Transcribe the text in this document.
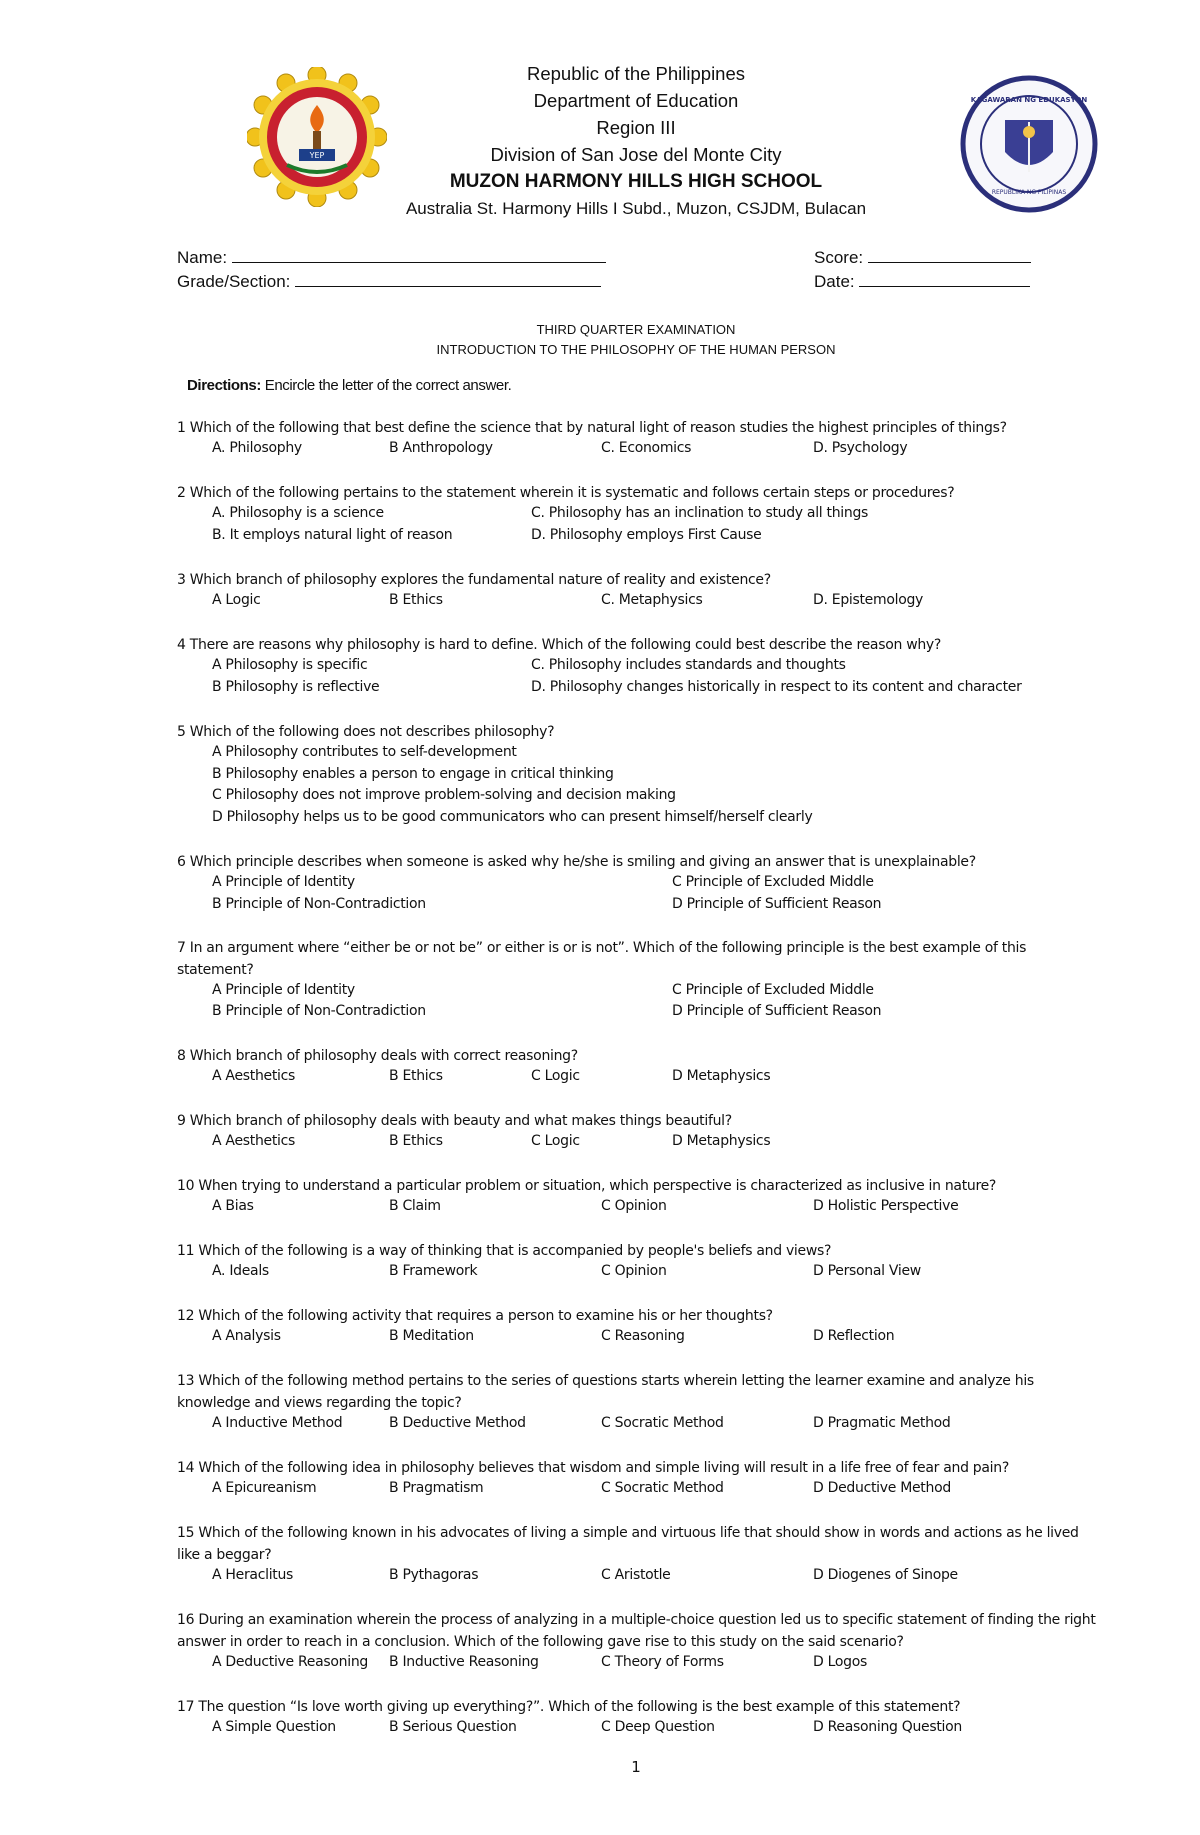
YEP
KAGAWARAN NG EDUKASYON
REPUBLIKA NG PILIPINAS
Republic of the Philippines
Department of Education
Region III
Division of San Jose del Monte City
MUZON HARMONY HILLS HIGH SCHOOL
Australia St. Harmony Hills I Subd., Muzon, CSJDM, Bulacan
Name:	Score:
Grade/Section:	Date:
THIRD QUARTER EXAMINATION
INTRODUCTION TO THE PHILOSOPHY OF THE HUMAN PERSON
Directions: Encircle the letter of the correct answer.
1 Which of the following that best define the science that by natural light of reason studies the highest principles of things?
A. Philosophy	B Anthropology	C. Economics	D. Psychology
2 Which of the following pertains to the statement wherein it is systematic and follows certain steps or procedures?
A. Philosophy is a science	C. Philosophy has an inclination to study all things
B. It employs natural light of reason	D. Philosophy employs First Cause
3 Which branch of philosophy explores the fundamental nature of reality and existence?
A Logic	B Ethics	C. Metaphysics	D. Epistemology
4 There are reasons why philosophy is hard to define. Which of the following could best describe the reason why?
A Philosophy is specific	C. Philosophy includes standards and thoughts
B Philosophy is reflective	D. Philosophy changes historically in respect to its content and character
5 Which of the following does not describes philosophy?
A Philosophy contributes to self-development
B Philosophy enables a person to engage in critical thinking
C Philosophy does not improve problem-solving and decision making
D Philosophy helps us to be good communicators who can present himself/herself clearly
6 Which principle describes when someone is asked why he/she is smiling and giving an answer that is unexplainable?
A Principle of Identity	C Principle of Excluded Middle
B Principle of Non-Contradiction	D Principle of Sufficient Reason
7 In an argument where “either be or not be” or either is or is not”. Which of the following principle is the best example of this statement?
A Principle of Identity	C Principle of Excluded Middle
B Principle of Non-Contradiction	D Principle of Sufficient Reason
8 Which branch of philosophy deals with correct reasoning?
A Aesthetics	B Ethics	C Logic	D Metaphysics
9 Which branch of philosophy deals with beauty and what makes things beautiful?
A Aesthetics	B Ethics	C Logic	D Metaphysics
10 When trying to understand a particular problem or situation, which perspective is characterized as inclusive in nature?
A Bias	B Claim	C Opinion	D Holistic Perspective
11 Which of the following is a way of thinking that is accompanied by people's beliefs and views?
A. Ideals	B Framework	C Opinion	D Personal View
12 Which of the following activity that requires a person to examine his or her thoughts?
A Analysis	B Meditation	C Reasoning	D Reflection
13 Which of the following method pertains to the series of questions starts wherein letting the learner examine and analyze his knowledge and views regarding the topic?
A Inductive Method	B Deductive Method	C Socratic Method	D Pragmatic Method
14 Which of the following idea in philosophy believes that wisdom and simple living will result in a life free of fear and pain?
A Epicureanism	B Pragmatism	C Socratic Method	D Deductive Method
15 Which of the following known in his advocates of living a simple and virtuous life that should show in words and actions as he lived like a beggar?
A Heraclitus	B Pythagoras	C Aristotle	D Diogenes of Sinope
16 During an examination wherein the process of analyzing in a multiple-choice question led us to specific statement of finding the right answer in order to reach in a conclusion. Which of the following gave rise to this study on the said scenario?
A Deductive Reasoning B Inductive Reasoning	C Theory of Forms	D Logos
17 The question “Is love worth giving up everything?”. Which of the following is the best example of this statement?
A Simple Question	B Serious Question	C Deep Question	D Reasoning Question
1
